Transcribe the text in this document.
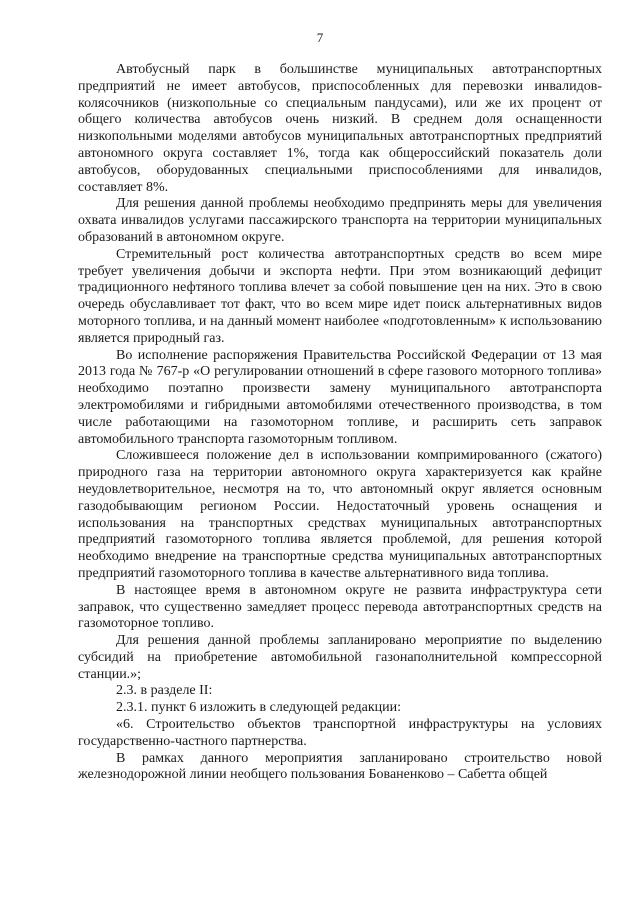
7

Автобусный парк в большинстве муниципальных автотранспортных предприятий не имеет автобусов, приспособленных для перевозки инвалидов-колясочников (низкопольные со специальным пандусами), или же их процент от общего количества автобусов очень низкий. В среднем доля оснащенности низкопольными моделями автобусов муниципальных автотранспортных предприятий автономного округа составляет 1%, тогда как общероссийский показатель доли автобусов, оборудованных специальными приспособлениями для инвалидов, составляет 8%.

Для решения данной проблемы необходимо предпринять меры для увеличения охвата инвалидов услугами пассажирского транспорта на территории муниципальных образований в автономном округе.

Стремительный рост количества автотранспортных средств во всем мире требует увеличения добычи и экспорта нефти. При этом возникающий дефицит традиционного нефтяного топлива влечет за собой повышение цен на них. Это в свою очередь обуславливает тот факт, что во всем мире идет поиск альтернативных видов моторного топлива, и на данный момент наиболее «подготовленным» к использованию является природный газ.

Во исполнение распоряжения Правительства Российской Федерации от 13 мая 2013 года № 767-р «О регулировании отношений в сфере газового моторного топлива» необходимо поэтапно произвести замену муниципального автотранспорта электромобилями и гибридными автомобилями отечественного производства, в том числе работающими на газомоторном топливе, и расширить сеть заправок автомобильного транспорта газомоторным топливом.

Сложившееся положение дел в использовании компримированного (сжатого) природного газа на территории автономного округа характеризуется как крайне неудовлетворительное, несмотря на то, что автономный округ является основным газодобывающим регионом России. Недостаточный уровень оснащения и использования на транспортных средствах муниципальных автотранспортных предприятий газомоторного топлива является проблемой, для решения которой необходимо внедрение на транспортные средства муниципальных автотранспортных предприятий газомоторного топлива в качестве альтернативного вида топлива.

В настоящее время в автономном округе не развита инфраструктура сети заправок, что существенно замедляет процесс перевода автотранспортных средств на газомоторное топливо.

Для решения данной проблемы запланировано мероприятие по выделению субсидий на приобретение автомобильной газонаполнительной компрессорной станции.»;

2.3. в разделе II:

2.3.1. пункт 6 изложить в следующей редакции:

«6. Строительство объектов транспортной инфраструктуры на условиях государственно-частного партнерства.

В рамках данного мероприятия запланировано строительство новой железнодорожной линии необщего пользования Бованенково – Сабетта общей
